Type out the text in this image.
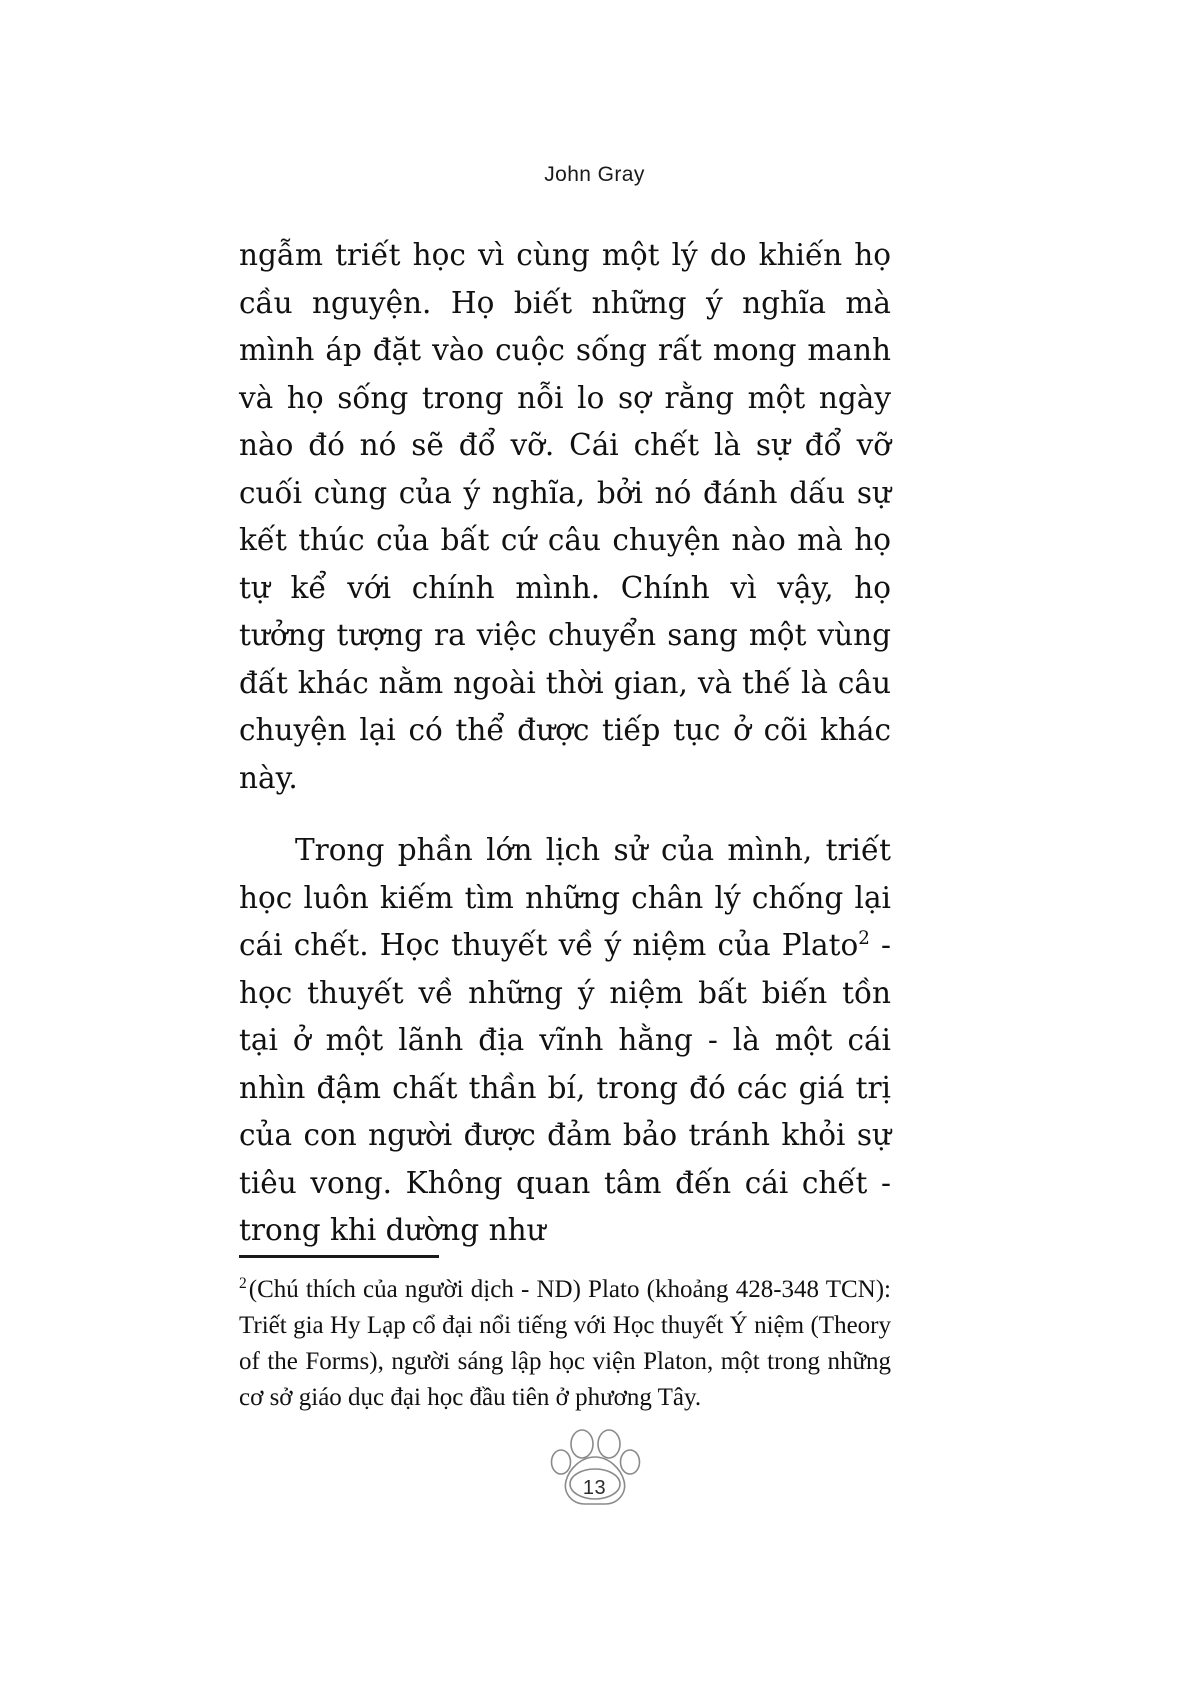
John Gray

ngẫm triết học vì cùng một lý do khiến họ cầu nguyện. Họ biết những ý nghĩa mà mình áp đặt vào cuộc sống rất mong manh và họ sống trong nỗi lo sợ rằng một ngày nào đó nó sẽ đổ vỡ. Cái chết là sự đổ vỡ cuối cùng của ý nghĩa, bởi nó đánh dấu sự kết thúc của bất cứ câu chuyện nào mà họ tự kể với chính mình. Chính vì vậy, họ tưởng tượng ra việc chuyển sang một vùng đất khác nằm ngoài thời gian, và thế là câu chuyện lại có thể được tiếp tục ở cõi khác này.

Trong phần lớn lịch sử của mình, triết học luôn kiếm tìm những chân lý chống lại cái chết. Học thuyết về ý niệm của Plato$^2$ - học thuyết về những ý niệm bất biến tồn tại ở một lãnh địa vĩnh hằng - là một cái nhìn đậm chất thần bí, trong đó các giá trị của con người được đảm bảo tránh khỏi sự tiêu vong. Không quan tâm đến cái chết - trong khi dường như

$^2$(Chú thích của người dịch - ND) Plato (khoảng 428-348 TCN): Triết gia Hy Lạp cổ đại nổi tiếng với Học thuyết Ý niệm (Theory of the Forms), người sáng lập học viện Platon, một trong những cơ sở giáo dục đại học đầu tiên ở phương Tây.

13
